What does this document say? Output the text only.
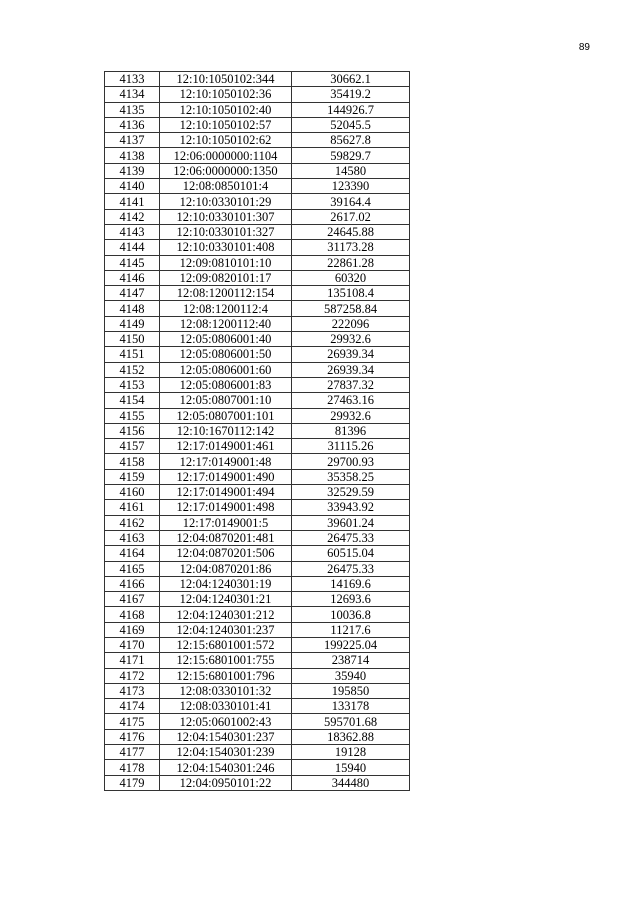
89
4133	12:10:1050102:344	30662.1
4134	12:10:1050102:36	35419.2
4135	12:10:1050102:40	144926.7
4136	12:10:1050102:57	52045.5
4137	12:10:1050102:62	85627.8
4138	12:06:0000000:1104	59829.7
4139	12:06:0000000:1350	14580
4140	12:08:0850101:4	123390
4141	12:10:0330101:29	39164.4
4142	12:10:0330101:307	2617.02
4143	12:10:0330101:327	24645.88
4144	12:10:0330101:408	31173.28
4145	12:09:0810101:10	22861.28
4146	12:09:0820101:17	60320
4147	12:08:1200112:154	135108.4
4148	12:08:1200112:4	587258.84
4149	12:08:1200112:40	222096
4150	12:05:0806001:40	29932.6
4151	12:05:0806001:50	26939.34
4152	12:05:0806001:60	26939.34
4153	12:05:0806001:83	27837.32
4154	12:05:0807001:10	27463.16
4155	12:05:0807001:101	29932.6
4156	12:10:1670112:142	81396
4157	12:17:0149001:461	31115.26
4158	12:17:0149001:48	29700.93
4159	12:17:0149001:490	35358.25
4160	12:17:0149001:494	32529.59
4161	12:17:0149001:498	33943.92
4162	12:17:0149001:5	39601.24
4163	12:04:0870201:481	26475.33
4164	12:04:0870201:506	60515.04
4165	12:04:0870201:86	26475.33
4166	12:04:1240301:19	14169.6
4167	12:04:1240301:21	12693.6
4168	12:04:1240301:212	10036.8
4169	12:04:1240301:237	11217.6
4170	12:15:6801001:572	199225.04
4171	12:15:6801001:755	238714
4172	12:15:6801001:796	35940
4173	12:08:0330101:32	195850
4174	12:08:0330101:41	133178
4175	12:05:0601002:43	595701.68
4176	12:04:1540301:237	18362.88
4177	12:04:1540301:239	19128
4178	12:04:1540301:246	15940
4179	12:04:0950101:22	344480
